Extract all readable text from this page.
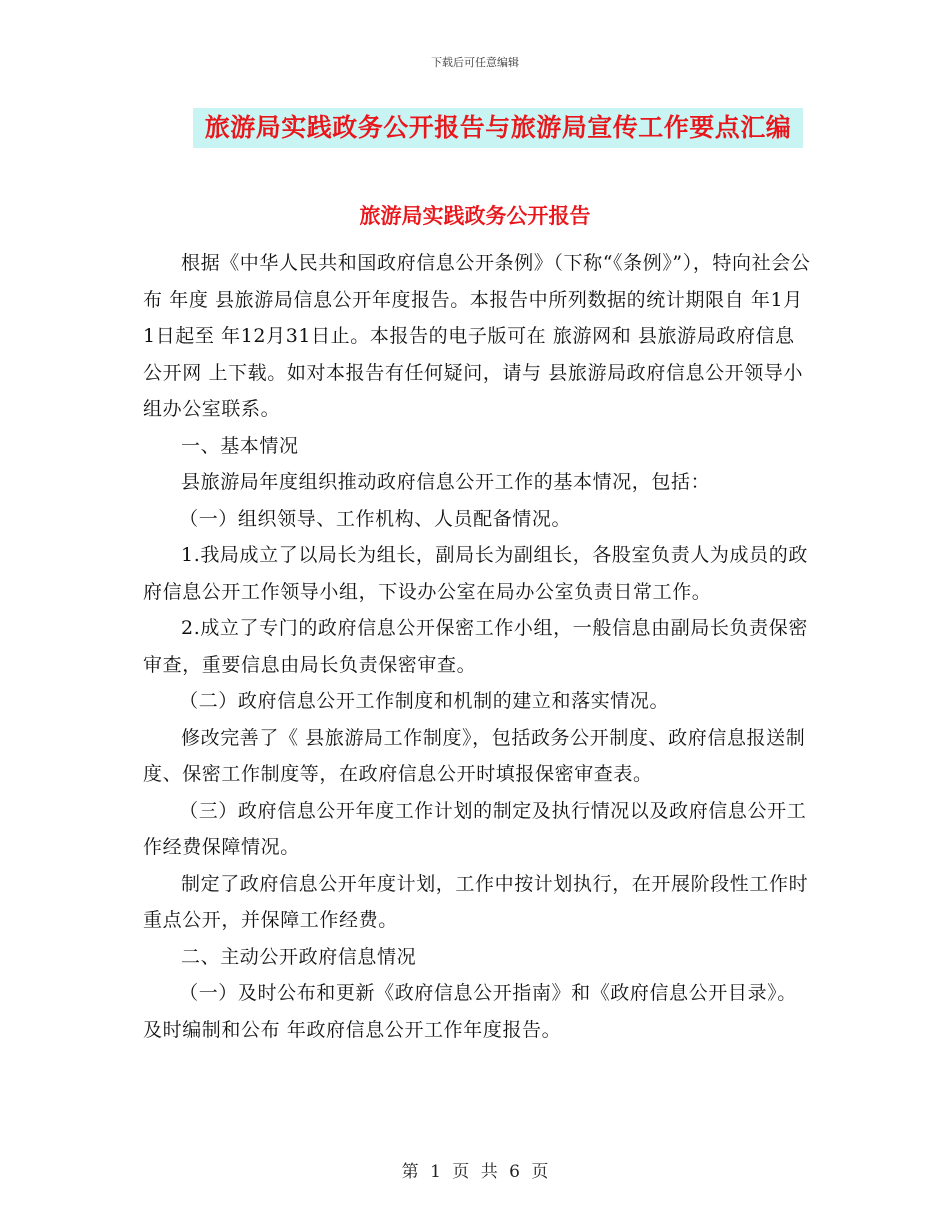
下载后可任意编辑
旅游局实践政务公开报告与旅游局宣传工作要点汇编
旅游局实践政务公开报告

根据《中华人民共和国政府信息公开条例》（下称“《条例》”），特向社会公布 年度 县旅游局信息公开年度报告。本报告中所列数据的统计期限自 年1月1日起至 年12月31日止。本报告的电子版可在 旅游网和 县旅游局政府信息公开网 上下载。如对本报告有任何疑问，请与 县旅游局政府信息公开领导小组办公室联系。

一、基本情况

县旅游局年度组织推动政府信息公开工作的基本情况，包括：

（一）组织领导、工作机构、人员配备情况。

1.我局成立了以局长为组长，副局长为副组长，各股室负责人为成员的政府信息公开工作领导小组，下设办公室在局办公室负责日常工作。

2.成立了专门的政府信息公开保密工作小组，一般信息由副局长负责保密审查，重要信息由局长负责保密审查。

（二）政府信息公开工作制度和机制的建立和落实情况。

修改完善了《 县旅游局工作制度》，包括政务公开制度、政府信息报送制度、保密工作制度等，在政府信息公开时填报保密审查表。

（三）政府信息公开年度工作计划的制定及执行情况以及政府信息公开工作经费保障情况。

制定了政府信息公开年度计划，工作中按计划执行，在开展阶段性工作时重点公开，并保障工作经费。

二、主动公开政府信息情况

（一）及时公布和更新《政府信息公开指南》和《政府信息公开目录》。及时编制和公布 年政府信息公开工作年度报告。

第 1 页 共 6 页
